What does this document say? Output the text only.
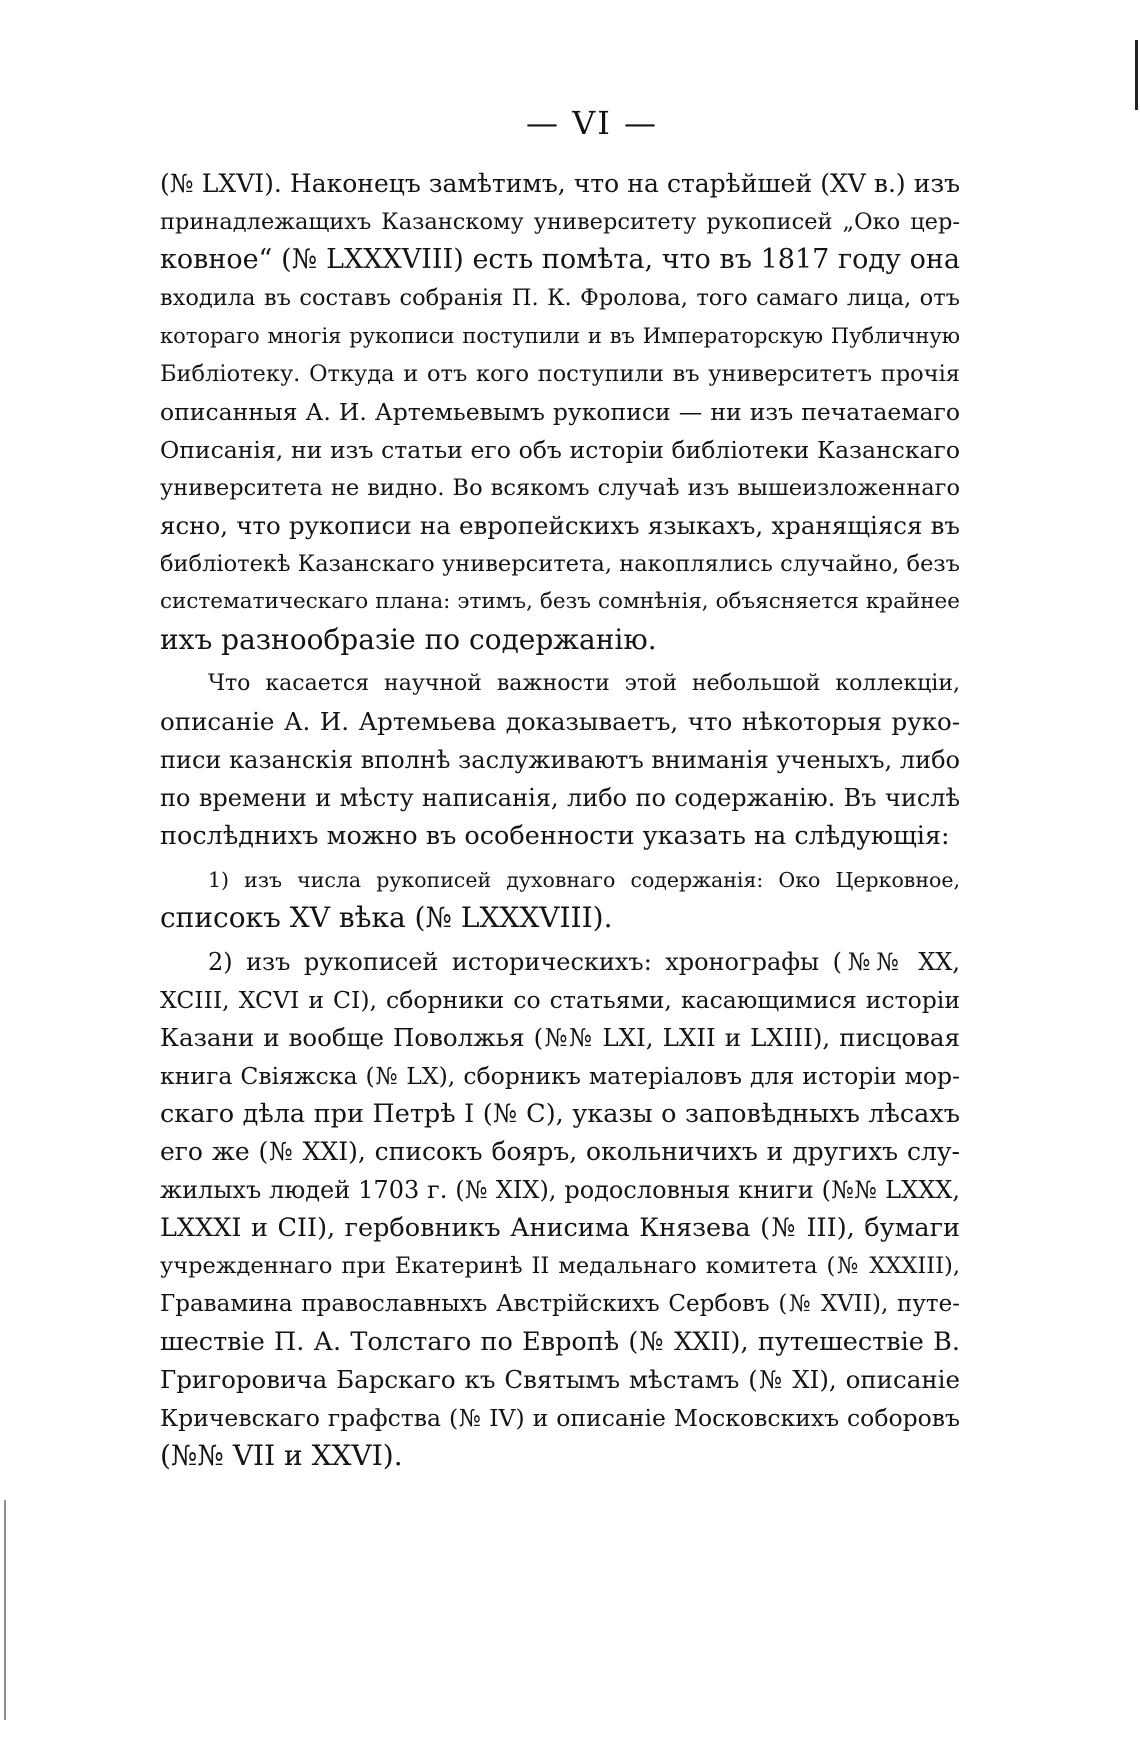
— VI —
(№ LXVI). Наконецъ замѣтимъ, что на старѣйшей (XV в.) изъ
принадлежащихъ Казанскому университету рукописей „Око цер-
ковное“ (№ LXXXVIII) есть помѣта, что въ 1817 году она
входила въ составъ собранія П. К. Фролова, того самаго лица, отъ
котораго многія рукописи поступили и въ Императорскую Публичную
Библіотеку. Откуда и отъ кого поступили въ университетъ прочія
описанныя А. И. Артемьевымъ рукописи — ни изъ печатаемаго
Описанія, ни изъ статьи его объ исторіи библіотеки Казанскаго
университета не видно. Во всякомъ случаѣ изъ вышеизложеннаго
ясно, что рукописи на европейскихъ языкахъ, хранящіяся въ
библіотекѣ Казанскаго университета, накоплялись случайно, безъ
систематическаго плана: этимъ, безъ сомнѣнія, объясняется крайнее
ихъ разнообразіе по содержанію.
Что касается научной важности этой небольшой коллекціи,
описаніе А. И. Артемьева доказываетъ, что нѣкоторыя руко-
писи казанскія вполнѣ заслуживаютъ вниманія ученыхъ, либо
по времени и мѣсту написанія, либо по содержанію. Въ числѣ
послѣднихъ можно въ особенности указать на слѣдующія:
1) изъ числа рукописей духовнаго содержанія: Око Церковное,
списокъ XV вѣка (№ LXXXVIII).
2) изъ рукописей историческихъ: хронографы (№№ XX,
XCIII, XCVI и CI), сборники со статьями, касающимися исторіи
Казани и вообще Поволжья (№№ LXI, LXII и LXIII), писцовая
книга Свіяжска (№ LX), сборникъ матеріаловъ для исторіи мор-
скаго дѣла при Петрѣ I (№ C), указы о заповѣдныхъ лѣсахъ
его же (№ XXI), списокъ бояръ, окольничихъ и другихъ слу-
жилыхъ людей 1703 г. (№ XIX), родословныя книги (№№ LXXX,
LXXXI и CII), гербовникъ Анисима Князева (№ III), бумаги
учрежденнаго при Екатеринѣ II медальнаго комитета (№ XXXIII),
Гравамина православныхъ Австрійскихъ Сербовъ (№ XVII), путе-
шествіе П. А. Толстаго по Европѣ (№ XXII), путешествіе В.
Григоровича Барскаго къ Святымъ мѣстамъ (№ XI), описаніе
Кричевскаго графства (№ IV) и описаніе Московскихъ соборовъ
(№№ VII и XXVI).
